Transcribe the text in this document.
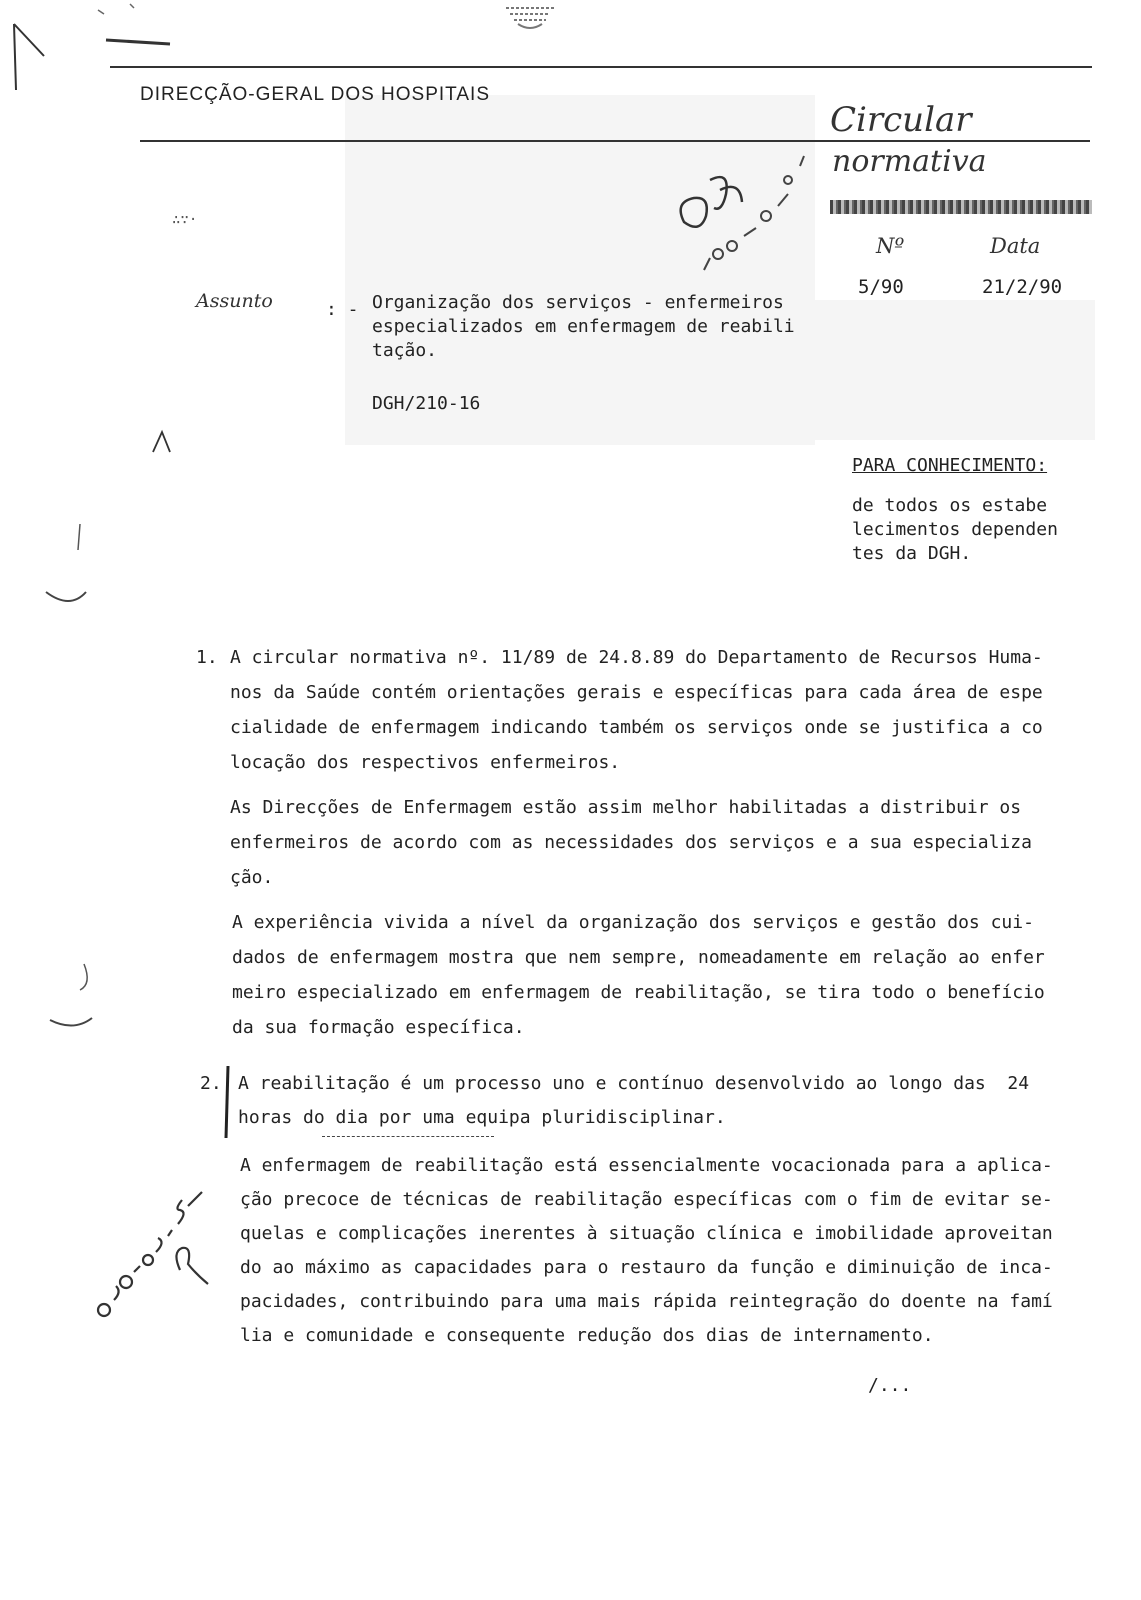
DIRECÇÃO-GERAL DOS HOSPITAIS
Circular
normativa
Nº	Data
5/90	21/2/90
∴∵·
Assunto	: - Organização dos serviços - enfermeiros
especializados em enfermagem de reabili
tação.
DGH/210-16
PARA CONHECIMENTO:
de todos os estabe
lecimentos dependen
tes da DGH.
1. A circular normativa nº. 11/89 de 24.8.89 do Departamento de Recursos Huma-
nos da Saúde contém orientações gerais e específicas para cada área de espe
cialidade de enfermagem indicando também os serviços onde se justifica a co
locação dos respectivos enfermeiros.
As Direcções de Enfermagem estão assim melhor habilitadas a distribuir os
enfermeiros de acordo com as necessidades dos serviços e a sua especializa
ção.
A experiência vivida a nível da organização dos serviços e gestão dos cui-
dados de enfermagem mostra que nem sempre, nomeadamente em relação ao enfer
meiro especializado em enfermagem de reabilitação, se tira todo o benefício
da sua formação específica.
2. A reabilitação é um processo uno e contínuo desenvolvido ao longo das  24
horas do dia por uma equipa pluridisciplinar.
A enfermagem de reabilitação está essencialmente vocacionada para a aplica-
ção precoce de técnicas de reabilitação específicas com o fim de evitar se-
quelas e complicações inerentes à situação clínica e imobilidade aproveitan
do ao máximo as capacidades para o restauro da função e diminuição de inca-
pacidades, contribuindo para uma mais rápida reintegração do doente na famí
lia e comunidade e consequente redução dos dias de internamento.
/...
